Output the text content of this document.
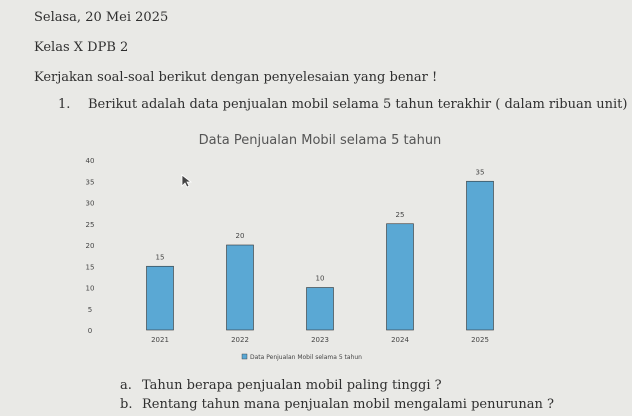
Selasa, 20 Mei 2025
Kelas X DPB 2
Kerjakan soal-soal berikut dengan penyelesaian yang benar !
1. Berikut adalah data penjualan mobil selama 5 tahun terakhir ( dalam ribuan unit)
Data Penjualan Mobil selama 5 tahun
0
5
10
15
20
25
30
35
40
15
2021
20
2022
10
2023
25
2024
35
2025
Data Penjualan Mobil selama 5 tahun
a. Tahun berapa penjualan mobil paling tinggi ?
b. Rentang tahun mana penjualan mobil mengalami penurunan ?
